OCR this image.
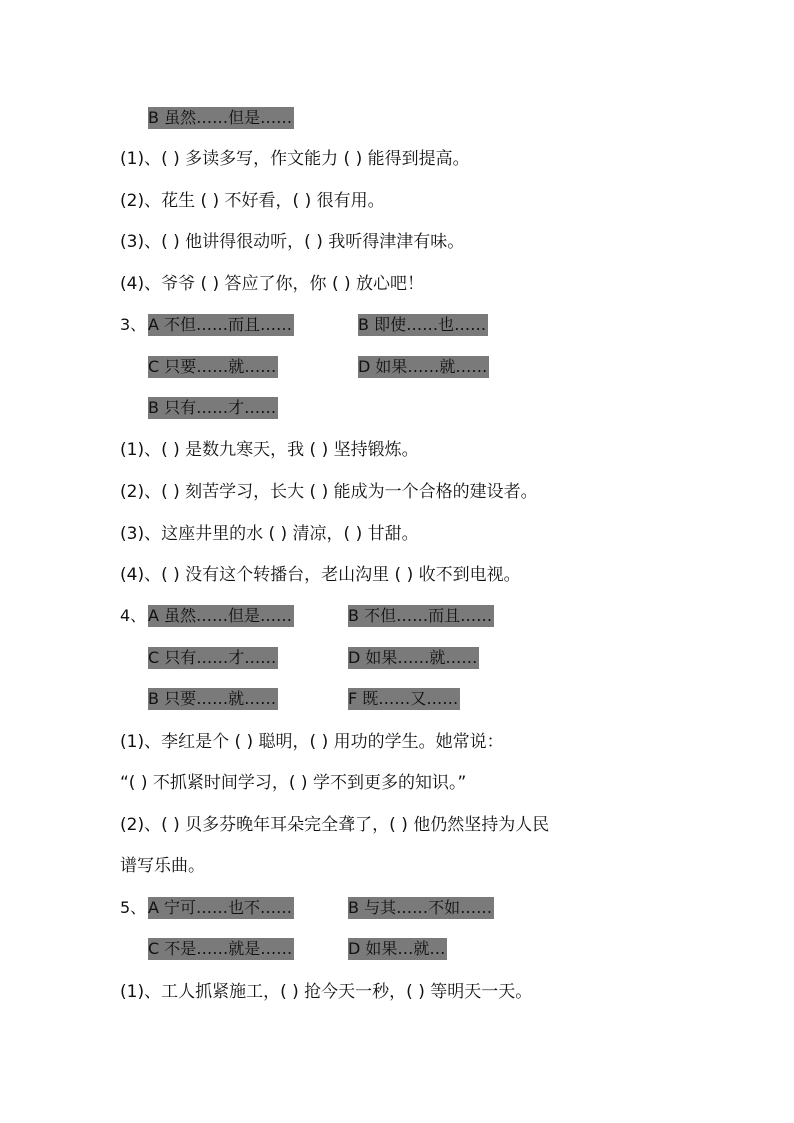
B 虽然……但是……
(1)、( ) 多读多写，作文能力 ( ) 能得到提高。
(2)、花生 ( ) 不好看，( ) 很有用。
(3)、( ) 他讲得很动听，( ) 我听得津津有味。
(4)、爷爷 ( ) 答应了你，你 ( ) 放心吧！
3、 A 不但……而且……	B 即使……也……
C 只要……就……	D 如果……就……
B 只有……才……
(1)、( ) 是数九寒天，我 ( ) 坚持锻炼。
(2)、( ) 刻苦学习，长大 ( ) 能成为一个合格的建设者。
(3)、这座井里的水 ( ) 清凉，( ) 甘甜。
(4)、( ) 没有这个转播台，老山沟里 ( ) 收不到电视。
4、 A 虽然……但是……	B 不但……而且……
C 只有……才……	D 如果……就……
B 只要……就……	F 既……又……
(1)、李红是个 ( ) 聪明，( ) 用功的学生。她常说：
“( ) 不抓紧时间学习，( ) 学不到更多的知识。”
(2)、( ) 贝多芬晚年耳朵完全聋了，( ) 他仍然坚持为人民
谱写乐曲。
5、 A 宁可……也不……	B 与其……不如……
C 不是……就是……	D 如果…就…
(1)、工人抓紧施工，( ) 抢今天一秒，( ) 等明天一天。
